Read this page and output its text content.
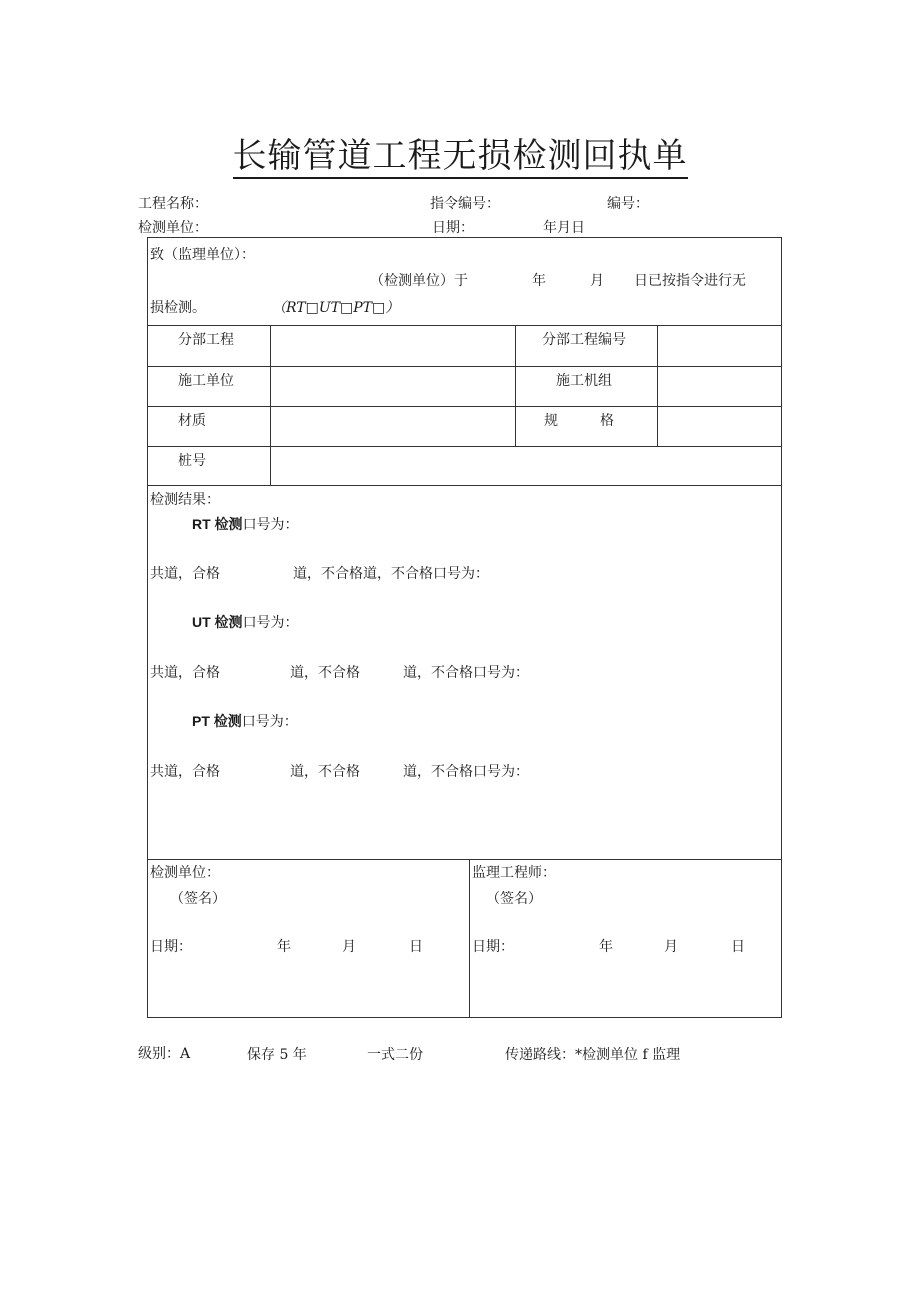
长输管道工程无损检测回执单
工程名称：	指令编号：	编号：
检测单位：	日期：	年月日
致（监理单位）：
（检测单位）于	年	月 日已按指令进行无
损检测。	（RT□UT□PT□）
分部工程	分部工程编号
施工单位	施工机组
材质	规　　　格
桩号
检测结果：
RT 检测口号为：
共道，合格	道，不合格道，不合格口号为：
UT 检测口号为：
共道，合格	道，不合格	道，不合格口号为：
PT 检测口号为：
共道，合格	道，不合格	道，不合格口号为：
检测单位：
（签名）
日期：	年	月	日
监理工程师：
（签名）
日期：	年	月	日
级别：A	保存 5 年	一式二份	传递路线：*检测单位 f 监理
